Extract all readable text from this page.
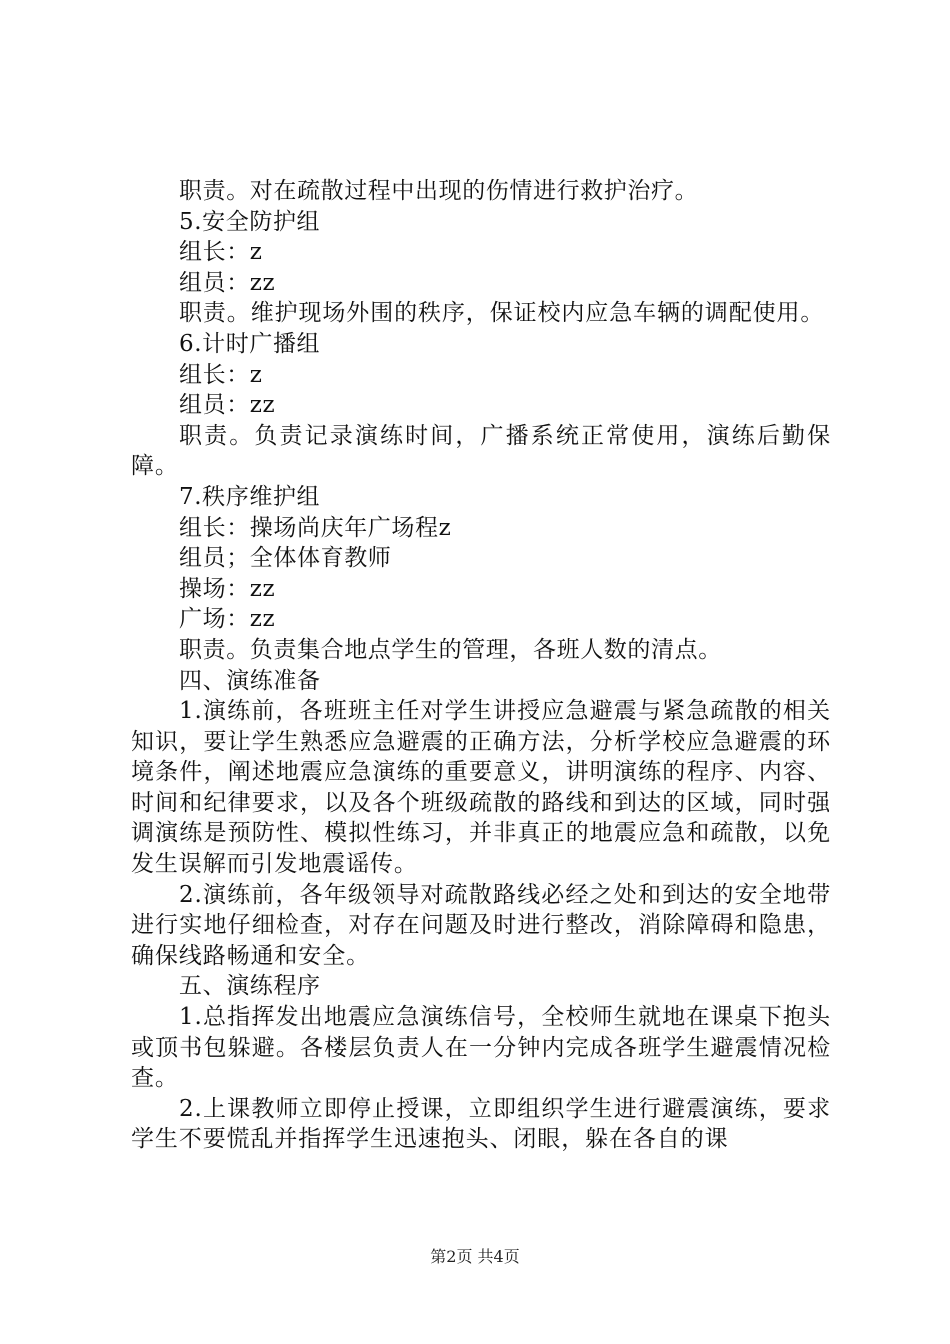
职责。对在疏散过程中出现的伤情进行救护治疗。
5.安全防护组
组长：z
组员：zz

职责。维护现场外围的秩序，保证校内应急车辆的调配使用。

6.计时广播组
组长：z
组员：zz

职责。负责记录演练时间，广播系统正常使用，演练后勤保障。

7.秩序维护组
组长：操场尚庆年广场程z
组员；全体体育教师
操场：zz
广场：zz
职责。负责集合地点学生的管理，各班人数的清点。
四、演练准备

1.演练前，各班班主任对学生讲授应急避震与紧急疏散的相关知识，要让学生熟悉应急避震的正确方法，分析学校应急避震的环境条件，阐述地震应急演练的重要意义，讲明演练的程序、内容、时间和纪律要求，以及各个班级疏散的路线和到达的区域，同时强调演练是预防性、模拟性练习，并非真正的地震应急和疏散，以免发生误解而引发地震谣传。

2.演练前，各年级领导对疏散路线必经之处和到达的安全地带进行实地仔细检查，对存在问题及时进行整改，消除障碍和隐患，确保线路畅通和安全。

五、演练程序

1.总指挥发出地震应急演练信号，全校师生就地在课桌下抱头或顶书包躲避。各楼层负责人在一分钟内完成各班学生避震情况检查。

2.上课教师立即停止授课，立即组织学生进行避震演练，要求学生不要慌乱并指挥学生迅速抱头、闭眼，躲在各自的课

第2页 共4页
